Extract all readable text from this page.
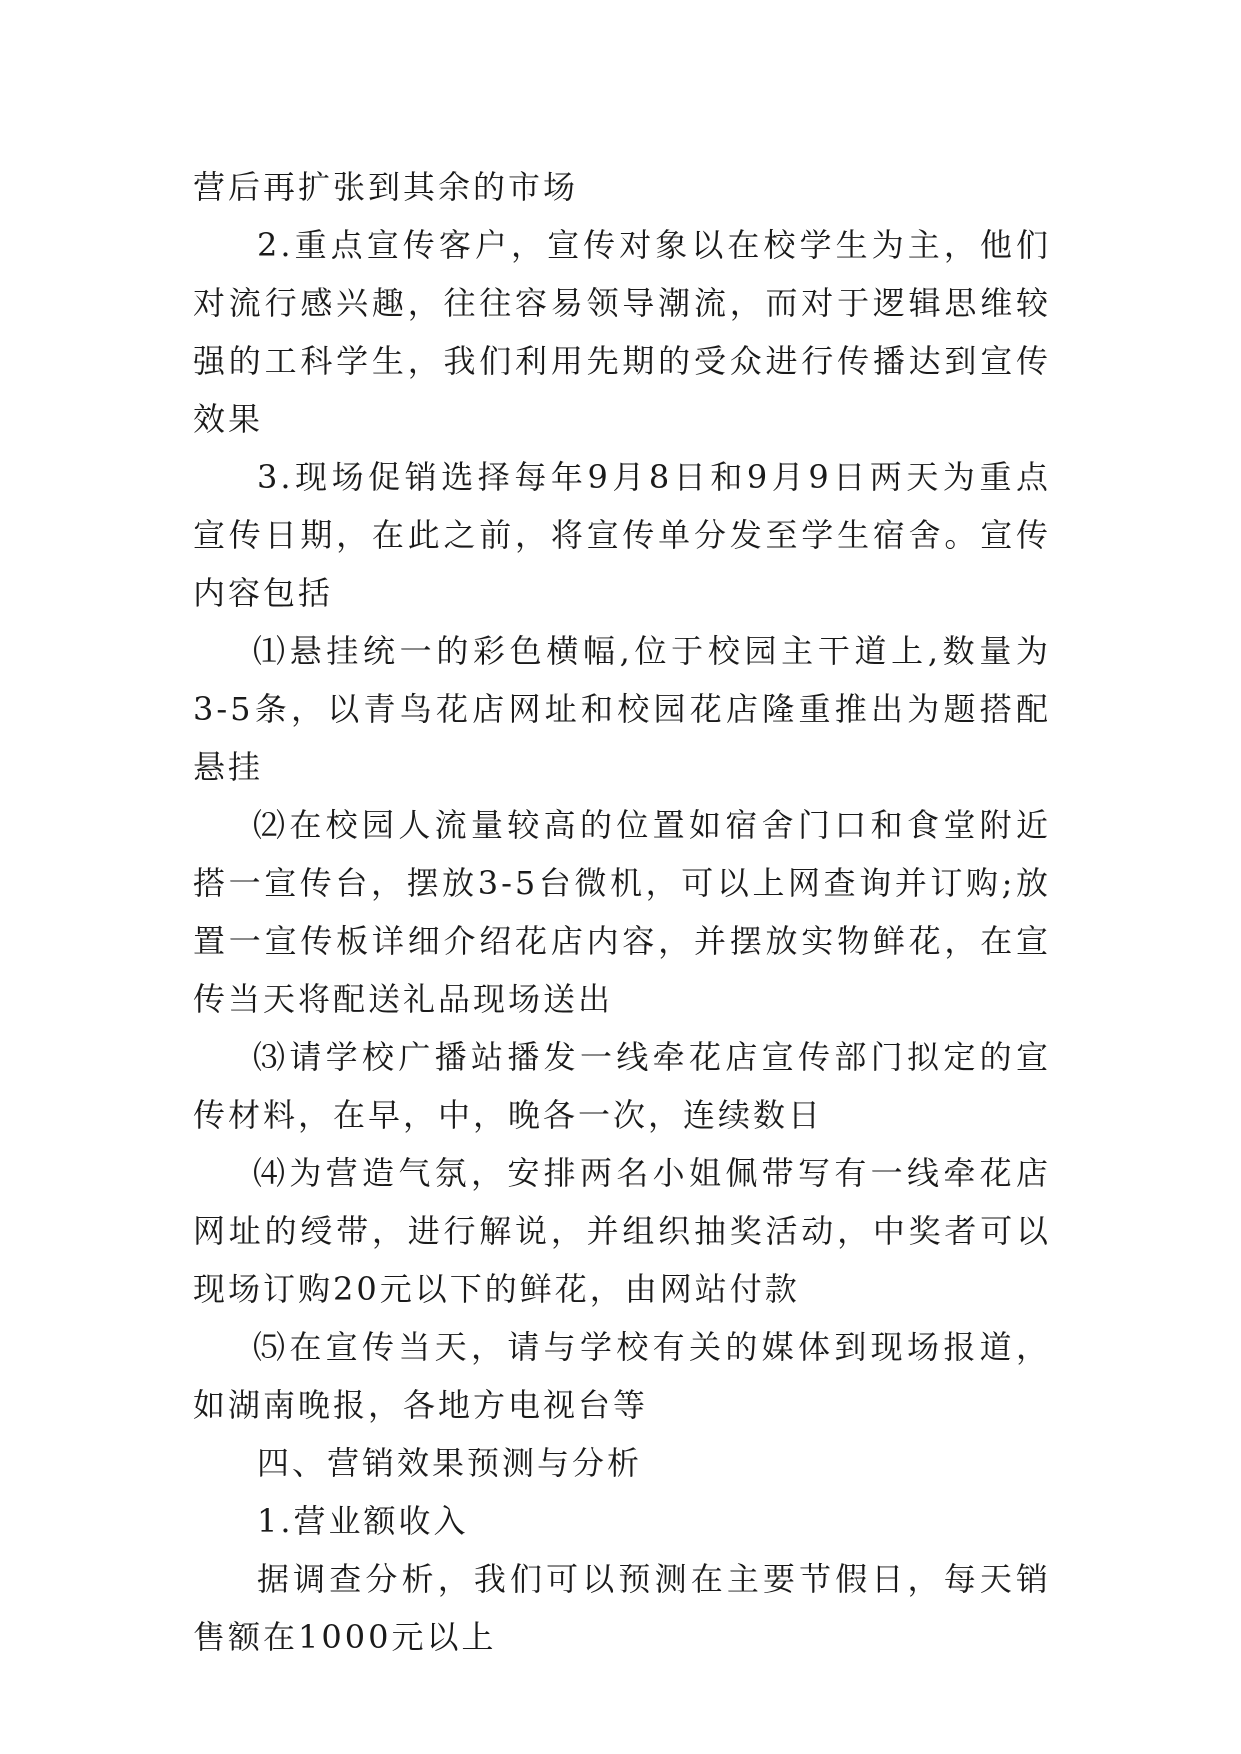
营后再扩张到其余的市场

2.重点宣传客户，宣传对象以在校学生为主，他们对流行感兴趣，往往容易领导潮流，而对于逻辑思维较强的工科学生，我们利用先期的受众进行传播达到宣传效果

3.现场促销选择每年9月8日和9月9日两天为重点宣传日期，在此之前，将宣传单分发至学生宿舍。宣传内容包括

⑴悬挂统一的彩色横幅,位于校园主干道上,数量为3-5条，以青鸟花店网址和校园花店隆重推出为题搭配悬挂

⑵在校园人流量较高的位置如宿舍门口和食堂附近搭一宣传台，摆放3-5台微机，可以上网查询并订购;放置一宣传板详细介绍花店内容，并摆放实物鲜花，在宣传当天将配送礼品现场送出

⑶请学校广播站播发一线牵花店宣传部门拟定的宣传材料，在早，中，晚各一次，连续数日

⑷为营造气氛，安排两名小姐佩带写有一线牵花店网址的绶带，进行解说，并组织抽奖活动，中奖者可以现场订购20元以下的鲜花，由网站付款

⑸在宣传当天，请与学校有关的媒体到现场报道，如湖南晚报，各地方电视台等

四、营销效果预测与分析

1.营业额收入

据调查分析，我们可以预测在主要节假日，每天销售额在1000元以上
